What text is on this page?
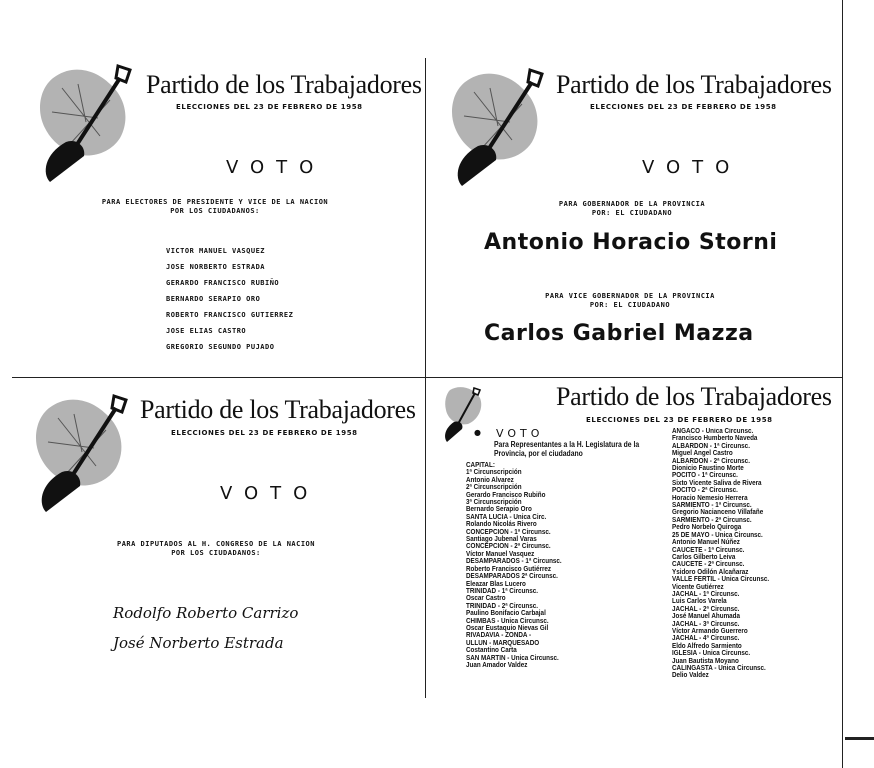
Partido de los Trabajadores
ELECCIONES DEL 23 DE FEBRERO DE 1958
VOTO
PARA ELECTORES DE PRESIDENTE Y VICE DE LA NACION
POR LOS CIUDADANOS:
VICTOR MANUEL VASQUEZ
JOSE NORBERTO ESTRADA
GERARDO FRANCISCO RUBIÑO
BERNARDO SERAPIO ORO
ROBERTO FRANCISCO GUTIERREZ
JOSE ELIAS CASTRO
GREGORIO SEGUNDO PUJADO
Partido de los Trabajadores
ELECCIONES DEL 23 DE FEBRERO DE 1958
VOTO
PARA GOBERNADOR DE LA PROVINCIA
POR: EL CIUDADANO
Antonio Horacio Storni
PARA VICE GOBERNADOR DE LA PROVINCIA
POR: EL CIUDADANO
Carlos Gabriel Mazza
Partido de los Trabajadores
ELECCIONES DEL 23 DE FEBRERO DE 1958
VOTO
PARA DIPUTADOS AL H. CONGRESO DE LA NACION
POR LOS CIUDADANOS:
Rodolfo Roberto Carrizo
José Norberto Estrada
Partido de los Trabajadores
ELECCIONES DEL 23 DE FEBRERO DE 1958
VOTO
●
Para Representantes a la H. Legislatura de la
Provincia, por el ciudadano
CAPITAL:
1ª Circunscripción
Antonio Alvarez
2ª Circunscripción
Gerardo Francisco Rubiño
3ª Circunscripción
Bernardo Serapio Oro
SANTA LUCIA - Unica Circ.
Rolando Nicolás Rivero
CONCEPCION - 1ª Circunsc.
Santiago Jubenal Varas
CONCEPCION - 2ª Circunsc.
Víctor Manuel Vasquez
DESAMPARADOS - 1ª Circunsc.
Roberto Francisco Gutiérrez
DESAMPARADOS 2ª Circunsc.
Eleazar Blas Lucero
TRINIDAD - 1ª Circunsc.
Oscar Castro
TRINIDAD - 2ª Circunsc.
Paulino Bonifacio Carbajal
CHIMBAS - Unica Circunsc.
Oscar Eustaquio Nievas Gil
RIVADAVIA - ZONDA -
ULLUN - MARQUESADO
Costantino Carta
SAN MARTIN - Unica Circunsc.
Juan Amador Valdez
ANGACO - Unica Circunsc.
Francisco Humberto Naveda
ALBARDON - 1ª Circunsc.
Miguel Angel Castro
ALBARDON - 2ª Circunsc.
Dionicio Faustino Morte
POCITO - 1ª Circunsc.
Sixto Vicente Saliva de Rivera
POCITO - 2ª Circunsc.
Horacio Nemesio Herrera
SARMIENTO - 1ª Circunsc.
Gregorio Nacianceno Villafañe
SARMIENTO - 2ª Circunsc.
Pedro Norbelo Quiroga
25 DE MAYO - Unica Circunsc.
Antonio Manuel Núñez
CAUCETE - 1ª Circunsc.
Carlos Gilberto Leiva
CAUCETE - 2ª Circunsc.
Ysidoro Odilón Alcañaraz
VALLE FERTIL - Unica Circunsc.
Vicente Gutiérrez
JACHAL - 1ª Circunsc.
Luis Carlos Varela
JACHAL - 2ª Circunsc.
José Manuel Ahumada
JACHAL - 3ª Circunsc.
Víctor Armando Guerrero
JACHAL - 4ª Circunsc.
Eldo Alfredo Sarmiento
IGLESIA - Unica Circunsc.
Juan Bautista Moyano
CALINGASTA - Unica Circunsc.
Delio Valdez
